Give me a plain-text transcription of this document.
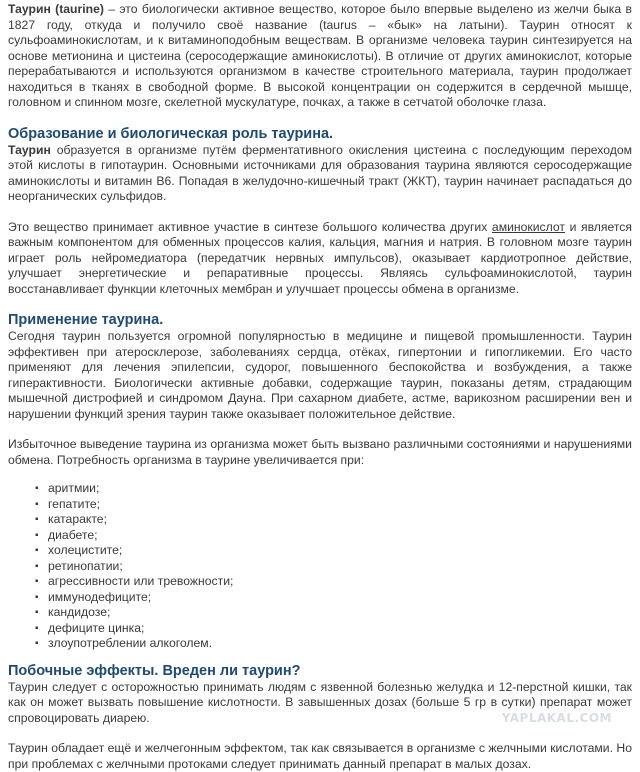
Таурин (taurine) – это биологически активное вещество, которое было впервые выделено из желчи быка в 1827 году, откуда и получило своё название (taurus – «бык» на латыни). Таурин относят к сульфоаминокислотам, и к витаминоподобным веществам. В организме человека таурин синтезируется на основе метионина и цистеина (серосодержащие аминокислоты). В отличие от других аминокислот, которые перерабатываются и используются организмом в качестве строительного материала, таурин продолжает находиться в тканях в свободной форме. В высокой концентрации он содержится в сердечной мышце, головном и спинном мозге, скелетной мускулатуре, почках, а также в сетчатой оболочке глаза.

Образование и биологическая роль таурина.

Таурин образуется в организме путём ферментативного окисления цистеина с последующим переходом этой кислоты в гипотаурин. Основными источниками для образования таурина являются серосодержащие аминокислоты и витамин В6. Попадая в желудочно-кишечный тракт (ЖКТ), таурин начинает распадаться до неорганических сульфидов.

Это вещество принимает активное участие в синтезе большого количества других аминокислот и является важным компонентом для обменных процессов калия, кальция, магния и натрия. В головном мозге таурин играет роль нейромедиатора (передатчик нервных импульсов), оказывает кардиотропное действие, улучшает энергетические и репаративные процессы. Являясь сульфоаминокислотой, таурин восстанавливает функции клеточных мембран и улучшает процессы обмена в организме.

Применение таурина.

Сегодня таурин пользуется огромной популярностью в медицине и пищевой промышленности. Таурин эффективен при атеросклерозе, заболеваниях сердца, отёках, гипертонии и гипогликемии. Его часто применяют для лечения эпилепсии, судорог, повышенного беспокойства и возбуждения, а также гиперактивности. Биологически активные добавки, содержащие таурин, показаны детям, страдающим мышечной дистрофией и синдромом Дауна. При сахарном диабете, астме, варикозном расширении вен и нарушении функций зрения таурин также оказывает положительное действие.

Избыточное выведение таурина из организма может быть вызвано различными состояниями и нарушениями обмена. Потребность организма в таурине увеличивается при:

▪ аритмии;
▪ гепатите;
▪ катаракте;
▪ диабете;
▪ холецистите;
▪ ретинопатии;
▪ агрессивности или тревожности;
▪ иммунодефиците;
▪ кандидозе;
▪ дефиците цинка;
▪ злоупотреблении алкоголем.
Побочные эффекты. Вреден ли таурин?

Таурин следует с осторожностью принимать людям с язвенной болезнью желудка и 12-перстной кишки, так как он может вызвать повышение кислотности. В завышенных дозах (больше 5 гр в сутки) препарат может спровоцировать диарею.

Таурин обладает ещё и желчегонным эффектом, так как связывается в организме с желчными кислотами. Но при проблемах с желчными протоками следует принимать данный препарат в малых дозах.

YAPLAKAL.COM
